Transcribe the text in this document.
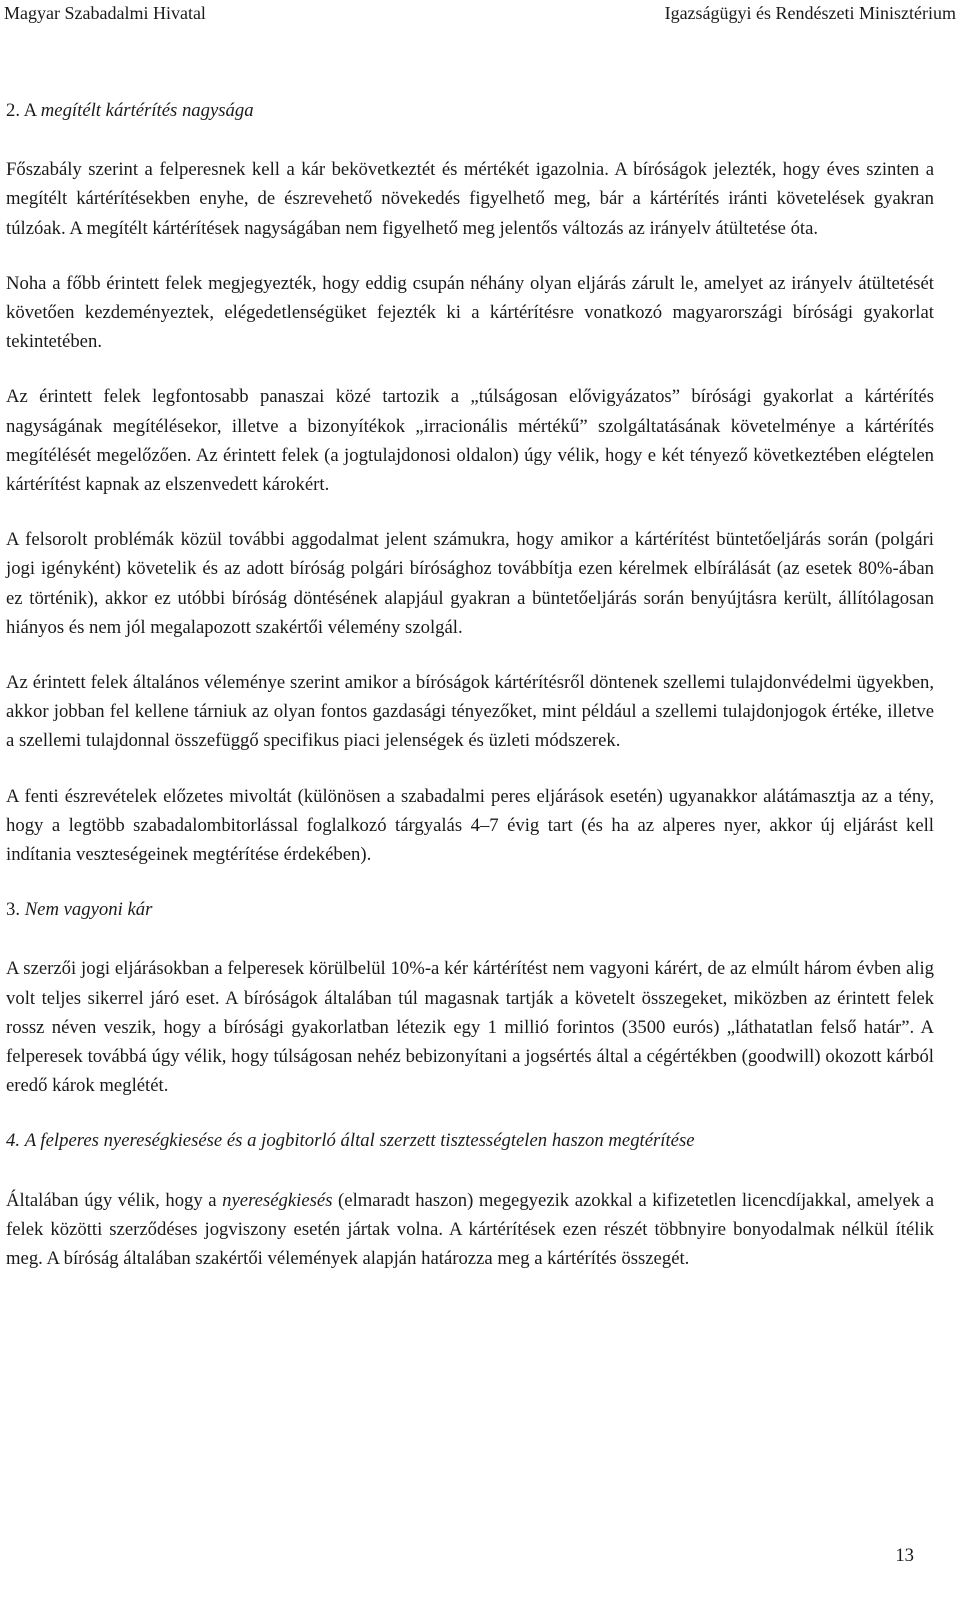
Magyar Szabadalmi Hivatal	Igazságügyi és Rendészeti Minisztérium
2. A megítélt kártérítés nagysága

Főszabály szerint a felperesnek kell a kár bekövetkeztét és mértékét igazolnia. A bíróságok jelezték, hogy éves szinten a megítélt kártérítésekben enyhe, de észrevehető növekedés figyelhető meg, bár a kártérítés iránti követelések gyakran túlzóak. A megítélt kártérítések nagyságában nem figyelhető meg jelentős változás az irányelv átültetése óta.

Noha a főbb érintett felek megjegyezték, hogy eddig csupán néhány olyan eljárás zárult le, amelyet az irányelv átültetését követően kezdeményeztek, elégedetlenségüket fejezték ki a kártérítésre vonatkozó magyarországi bírósági gyakorlat tekintetében.

Az érintett felek legfontosabb panaszai közé tartozik a „túlságosan elővigyázatos” bírósági gyakorlat a kártérítés nagyságának megítélésekor, illetve a bizonyítékok „irracionális mértékű” szolgáltatásának követelménye a kártérítés megítélését megelőzően. Az érintett felek (a jogtulajdonosi oldalon) úgy vélik, hogy e két tényező következtében elégtelen kártérítést kapnak az elszenvedett károkért.

A felsorolt problémák közül további aggodalmat jelent számukra, hogy amikor a kártérítést büntetőeljárás során (polgári jogi igényként) követelik és az adott bíróság polgári bírósághoz továbbítja ezen kérelmek elbírálását (az esetek 80%-ában ez történik), akkor ez utóbbi bíróság döntésének alapjául gyakran a büntetőeljárás során benyújtásra került, állítólagosan hiányos és nem jól megalapozott szakértői vélemény szolgál.

Az érintett felek általános véleménye szerint amikor a bíróságok kártérítésről döntenek szellemi tulajdonvédelmi ügyekben, akkor jobban fel kellene tárniuk az olyan fontos gazdasági tényezőket, mint például a szellemi tulajdonjogok értéke, illetve a szellemi tulajdonnal összefüggő specifikus piaci jelenségek és üzleti módszerek.

A fenti észrevételek előzetes mivoltát (különösen a szabadalmi peres eljárások esetén) ugyanakkor alátámasztja az a tény, hogy a legtöbb szabadalombitorlással foglalkozó tárgyalás 4–7 évig tart (és ha az alperes nyer, akkor új eljárást kell indítania veszteségeinek megtérítése érdekében).

3. Nem vagyoni kár

A szerzői jogi eljárásokban a felperesek körülbelül 10%-a kér kártérítést nem vagyoni kárért, de az elmúlt három évben alig volt teljes sikerrel járó eset. A bíróságok általában túl magasnak tartják a követelt összegeket, miközben az érintett felek rossz néven veszik, hogy a bírósági gyakorlatban létezik egy 1 millió forintos (3500 eurós) „láthatatlan felső határ”. A felperesek továbbá úgy vélik, hogy túlságosan nehéz bebizonyítani a jogsértés által a cégértékben (goodwill) okozott kárból eredő károk meglétét.

4. A felperes nyereségkiesése és a jogbitorló által szerzett tisztességtelen haszon megtérítése

Általában úgy vélik, hogy a nyereségkiesés (elmaradt haszon) megegyezik azokkal a kifizetetlen licencdíjakkal, amelyek a felek közötti szerződéses jogviszony esetén jártak volna. A kártérítések ezen részét többnyire bonyodalmak nélkül ítélik meg. A bíróság általában szakértői vélemények alapján határozza meg a kártérítés összegét.

13
